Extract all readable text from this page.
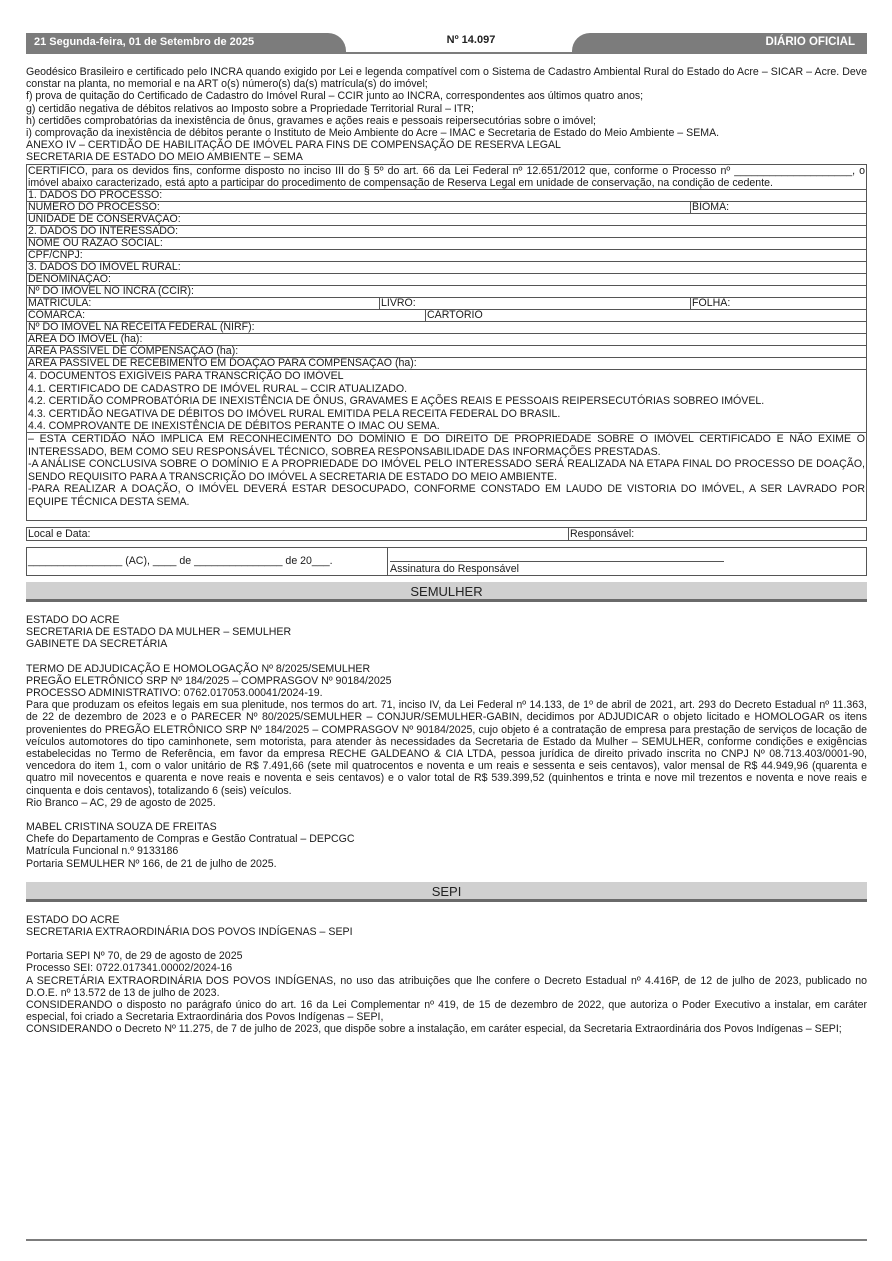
21 Segunda-feira, 01 de Setembro de 2025	Nº 14.097	DIÁRIO OFICIAL
Geodésico Brasileiro e certificado pelo INCRA quando exigido por Lei e legenda compatível com o Sistema de Cadastro Ambiental Rural do Estado do Acre – SICAR – Acre. Deve constar na planta, no memorial e na ART o(s) número(s) da(s) matrícula(s) do imóvel;
f) prova de quitação do Certificado de Cadastro do Imóvel Rural – CCIR junto ao INCRA, correspondentes aos últimos quatro anos;
g) certidão negativa de débitos relativos ao Imposto sobre a Propriedade Territorial Rural – ITR;
h) certidões comprobatórias da inexistência de ônus, gravames e ações reais e pessoais reipersecutórias sobre o imóvel;
i) comprovação da inexistência de débitos perante o Instituto de Meio Ambiente do Acre – IMAC e Secretaria de Estado do Meio Ambiente – SEMA.
ANEXO IV – CERTIDÃO DE HABILITAÇÃO DE IMÓVEL PARA FINS DE COMPENSAÇÃO DE RESERVA LEGAL
SECRETARIA DE ESTADO DO MEIO AMBIENTE – SEMA
CERTIFICO, para os devidos fins, conforme disposto no inciso III do § 5º do art. 66 da Lei Federal nº 12.651/2012 que, conforme o Processo nº ____________________, o imóvel abaixo caracterizado, está apto a participar do procedimento de compensação de Reserva Legal em unidade de conservação, na condição de cedente.
1. DADOS DO PROCESSO:
NÚMERO DO PROCESSO:	BIOMA:
UNIDADE DE CONSERVAÇÃO:
2. DADOS DO INTERESSADO:
NOME OU RAZÃO SOCIAL:
CPF/CNPJ:
3. DADOS DO IMÓVEL RURAL:
DENOMINAÇÃO:
Nº DO IMÓVEL NO INCRA (CCIR):
MATRÍCULA:	LIVRO:	FOLHA:
COMARCA:	CARTÓRIO
Nº DO IMÓVEL NA RECEITA FEDERAL (NIRF):
ÁREA DO IMÓVEL (ha):
ÁREA PASSÍVEL DE COMPENSAÇÃO (ha):
ÁREA PASSÍVEL DE RECEBIMENTO EM DOAÇÃO PARA COMPENSAÇÃO (ha):
4. DOCUMENTOS EXIGÍVEIS PARA TRANSCRIÇÃO DO IMÓVEL
4.1. CERTIFICADO DE CADASTRO DE IMÓVEL RURAL – CCIR ATUALIZADO.
4.2. CERTIDÃO COMPROBATÓRIA DE INEXISTÊNCIA DE ÔNUS, GRAVAMES E AÇÕES REAIS E PESSOAIS REIPERSECUTÓRIAS SOBREO IMÓVEL.
4.3. CERTIDÃO NEGATIVA DE DÉBITOS DO IMÓVEL RURAL EMITIDA PELA RECEITA FEDERAL DO BRASIL.
4.4. COMPROVANTE DE INEXISTÊNCIA DE DÉBITOS PERANTE O IMAC OU SEMA.
– ESTA CERTIDÃO NÃO IMPLICA EM RECONHECIMENTO DO DOMÍNIO E DO DIREITO DE PROPRIEDADE SOBRE O IMÓVEL CERTIFICADO E NÃO EXIME O INTERESSADO, BEM COMO SEU RESPONSÁVEL TÉCNICO, SOBREA RESPONSABILIDADE DAS INFORMAÇÕES PRESTADAS.
-A ANÁLISE CONCLUSIVA SOBRE O DOMÍNIO E A PROPRIEDADE DO IMÓVEL PELO INTERESSADO SERÁ REALIZADA NA ETAPA FINAL DO PROCESSO DE DOAÇÃO, SENDO REQUISITO PARA A TRANSCRIÇÃO DO IMÓVEL A SECRETARIA DE ESTADO DO MEIO AMBIENTE.
-PARA REALIZAR A DOAÇÃO, O IMÓVEL DEVERÁ ESTAR DESOCUPADO, CONFORME CONSTADO EM LAUDO DE VISTORIA DO IMÓVEL, A SER LAVRADO POR EQUIPE TÉCNICA DESTA SEMA.
Local e Data:	Responsável:
________________ (AC), ____ de _______________ de 20___.
Assinatura do Responsável
SEMULHER
ESTADO DO ACRE
SECRETARIA DE ESTADO DA MULHER – SEMULHER
GABINETE DA SECRETÁRIA
TERMO DE ADJUDICAÇÃO E HOMOLOGAÇÃO Nº 8/2025/SEMULHER
PREGÃO ELETRÔNICO SRP Nº 184/2025 – COMPRASGOV Nº 90184/2025
PROCESSO ADMINISTRATIVO: 0762.017053.00041/2024-19.
Para que produzam os efeitos legais em sua plenitude, nos termos do art. 71, inciso IV, da Lei Federal nº 14.133, de 1º de abril de 2021, art. 293 do Decreto Estadual nº 11.363, de 22 de dezembro de 2023 e o PARECER Nº 80/2025/SEMULHER – CONJUR/SEMULHER-GABIN, decidimos por ADJUDICAR o objeto licitado e HOMOLOGAR os itens provenientes do PREGÃO ELETRÔNICO SRP Nº 184/2025 – COMPRASGOV Nº 90184/2025, cujo objeto é a contratação de empresa para prestação de serviços de locação de veículos automotores do tipo caminhonete, sem motorista, para atender às necessidades da Secretaria de Estado da Mulher – SEMULHER, conforme condições e exigências estabelecidas no Termo de Referência, em favor da empresa RECHE GALDEANO & CIA LTDA, pessoa jurídica de direito privado inscrita no CNPJ Nº 08.713.403/0001-90, vencedora do item 1, com o valor unitário de R$ 7.491,66 (sete mil quatrocentos e noventa e um reais e sessenta e seis centavos), valor mensal de R$ 44.949,96 (quarenta e quatro mil novecentos e quarenta e nove reais e noventa e seis centavos) e o valor total de R$ 539.399,52 (quinhentos e trinta e nove mil trezentos e noventa e nove reais e cinquenta e dois centavos), totalizando 6 (seis) veículos.
Rio Branco – AC, 29 de agosto de 2025.
MABEL CRISTINA SOUZA DE FREITAS
Chefe do Departamento de Compras e Gestão Contratual – DEPCGC
Matrícula Funcional n.º 9133186
Portaria SEMULHER Nº 166, de 21 de julho de 2025.
SEPI
ESTADO DO ACRE
SECRETARIA EXTRAORDINÁRIA DOS POVOS INDÍGENAS – SEPI
Portaria SEPI Nº 70, de 29 de agosto de 2025
Processo SEI: 0722.017341.00002/2024-16
A SECRETÁRIA EXTRAORDINÁRIA DOS POVOS INDÍGENAS, no uso das atribuições que lhe confere o Decreto Estadual nº 4.416P, de 12 de julho de 2023, publicado no D.O.E. nº 13.572 de 13 de julho de 2023.
CONSIDERANDO o disposto no parágrafo único do art. 16 da Lei Complementar nº 419, de 15 de dezembro de 2022, que autoriza o Poder Executivo a instalar, em caráter especial, foi criado a Secretaria Extraordinária dos Povos Indígenas – SEPI,
CONSIDERANDO o Decreto Nº 11.275, de 7 de julho de 2023, que dispõe sobre a instalação, em caráter especial, da Secretaria Extraordinária dos Povos Indígenas – SEPI;
